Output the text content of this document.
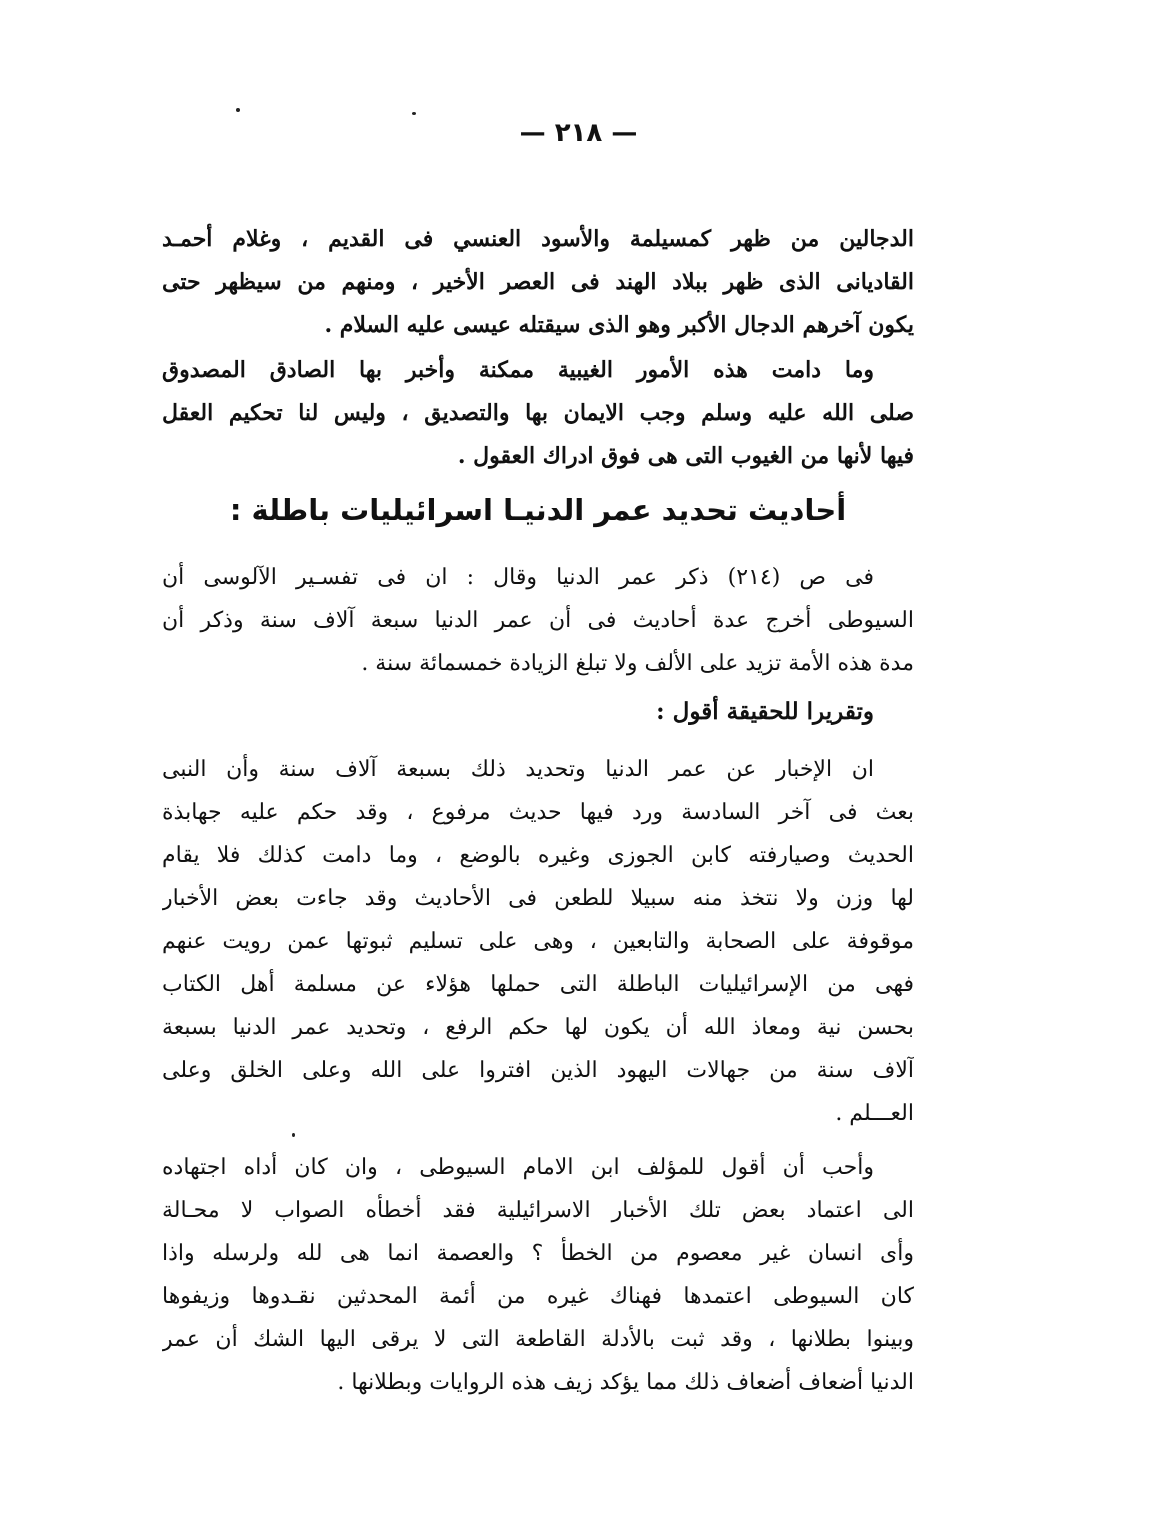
— ٢١٨ —
الدجالين من ظهر كمسيلمة والأسود العنسي فى القديم ، وغلام أحمـد
القاديانى الذى ظهر ببلاد الهند فى العصر الأخير ، ومنهم من سيظهر حتى
يكون آخرهم الدجال الأكبر وهو الذى سيقتله عيسى عليه السلام .
وما دامت هذه الأمور الغيبية ممكنة وأخبر بها الصادق المصدوق
صلى الله عليه وسلم وجب الايمان بها والتصديق ، وليس لنا تحكيم العقل
فيها لأنها من الغيوب التى هى فوق ادراك العقول .
أحاديث تحديد عمر الدنيـا اسرائيليات باطلة :
فى ص (٢١٤) ذكر عمر الدنيا وقال : ان فى تفسـير الآلوسى أن
السيوطى أخرج عدة أحاديث فى أن عمر الدنيا سبعة آلاف سنة وذكر أن
مدة هذه الأمة تزيد على الألف ولا تبلغ الزيادة خمسمائة سنة .
وتقريرا للحقيقة أقول :
ان الإخبار عن عمر الدنيا وتحديد ذلك بسبعة آلاف سنة وأن النبى
بعث فى آخر السادسة ورد فيها حديث مرفوع ، وقد حكم عليه جهابذة
الحديث وصيارفته كابن الجوزى وغيره بالوضع ، وما دامت كذلك فلا يقام
لها وزن ولا نتخذ منه سبيلا للطعن فى الأحاديث وقد جاءت بعض الأخبار
موقوفة على الصحابة والتابعين ، وهى على تسليم ثبوتها عمن رويت عنهم
فهى من الإسرائيليات الباطلة التى حملها هؤلاء عن مسلمة أهل الكتاب
بحسن نية ومعاذ الله أن يكون لها حكم الرفع ، وتحديد عمر الدنيا بسبعة
آلاف سنة من جهالات اليهود الذين افتروا على الله وعلى الخلق وعلى
العـــلم .
وأحب أن أقول للمؤلف ابن الامام السيوطى ، وان كان أداه اجتهاده
الى اعتماد بعض تلك الأخبار الاسرائيلية فقد أخطأه الصواب لا محـالة
وأى انسان غير معصوم من الخطأ ؟ والعصمة انما هى لله ولرسله واذا
كان السيوطى اعتمدها فهناك غيره من أئمة المحدثين نقـدوها وزيفوها
وبينوا بطلانها ، وقد ثبت بالأدلة القاطعة التى لا يرقى اليها الشك أن عمر
الدنيا أضعاف أضعاف ذلك مما يؤكد زيف هذه الروايات وبطلانها .
